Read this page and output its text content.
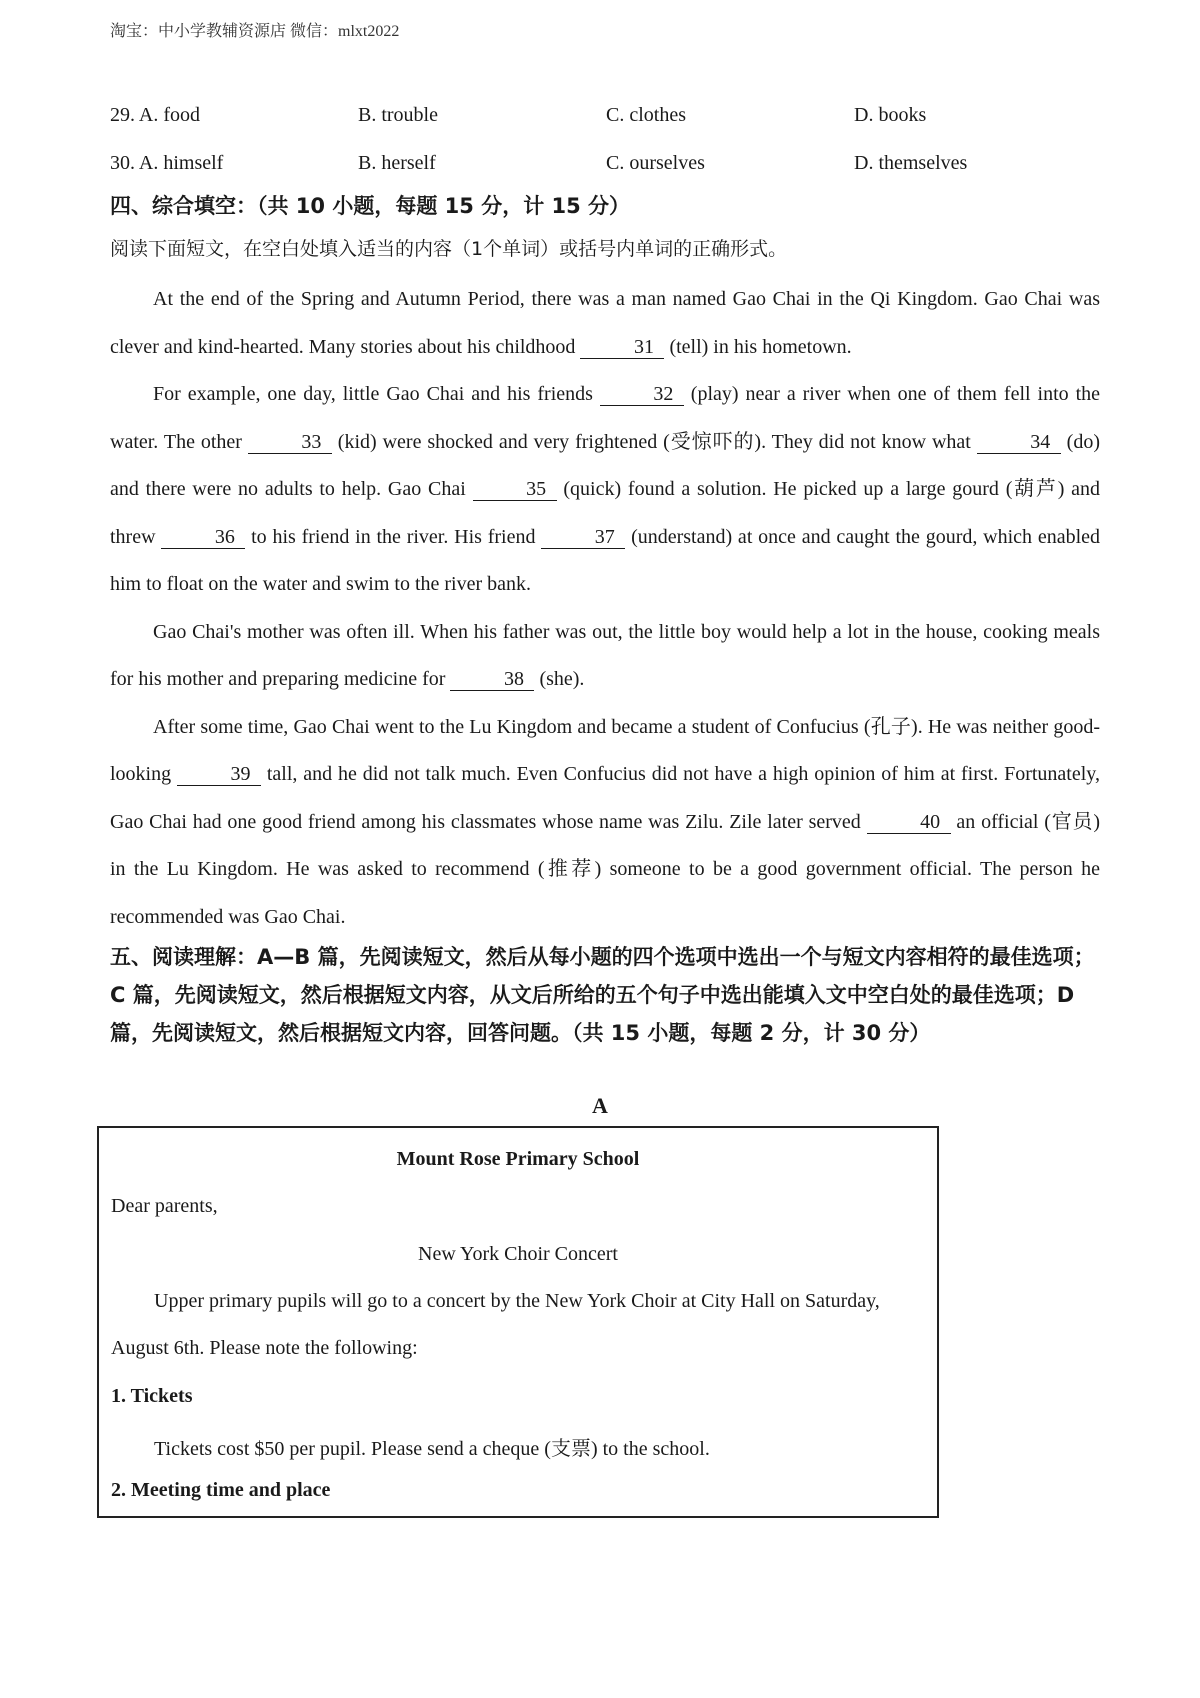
淘宝：中小学教辅资源店 微信：mlxt2022
29. A. food	B. trouble	C. clothes	D. books
30. A. himself	B. herself	C. ourselves	D. themselves
四、综合填空：（共 10 小题，每题 15 分，计 15 分）
阅读下面短文，在空白处填入适当的内容（1个单词）或括号内单词的正确形式。

At the end of the Spring and Autumn Period, there was a man named Gao Chai in the Qi Kingdom. Gao Chai was clever and kind-hearted. Many stories about his childhood	31 (tell) in his hometown.

For example, one day, little Gao Chai and his friends	32 (play) near a river when one of them fell into the water. The other	33 (kid) were shocked and very frightened (受惊吓的). They did not know what	34 (do) and there were no adults to help. Gao Chai	35 (quick) found a solution. He picked up a large gourd (葫芦) and threw	36 to his friend in the river. His friend	37 (understand) at once and caught the gourd, which enabled him to float on the water and swim to the river bank.

Gao Chai's mother was often ill. When his father was out, the little boy would help a lot in the house, cooking meals for his mother and preparing medicine for	38 (she).

After some time, Gao Chai went to the Lu Kingdom and became a student of Confucius (孔子). He was neither good-looking	39 tall, and he did not talk much. Even Confucius did not have a high opinion of him at first. Fortunately, Gao Chai had one good friend among his classmates whose name was Zilu. Zile later served	40 an official (官员) in the Lu Kingdom. He was asked to recommend (推荐) someone to be a good government official. The person he recommended was Gao Chai.

五、阅读理解：A—B 篇，先阅读短文，然后从每小题的四个选项中选出一个与短文内容相符的最佳选项；C 篇，先阅读短文，然后根据短文内容，从文后所给的五个句子中选出能填入文中空白处的最佳选项；D 篇，先阅读短文，然后根据短文内容，回答问题。（共 15 小题，每题 2 分，计 30 分）
A
Mount Rose Primary School
Dear parents,
New York Choir Concert
Upper primary pupils will go to a concert by the New York Choir at City Hall on Saturday,
August 6th. Please note the following:
1. Tickets
Tickets cost $50 per pupil. Please send a cheque (支票) to the school.
2. Meeting time and place
